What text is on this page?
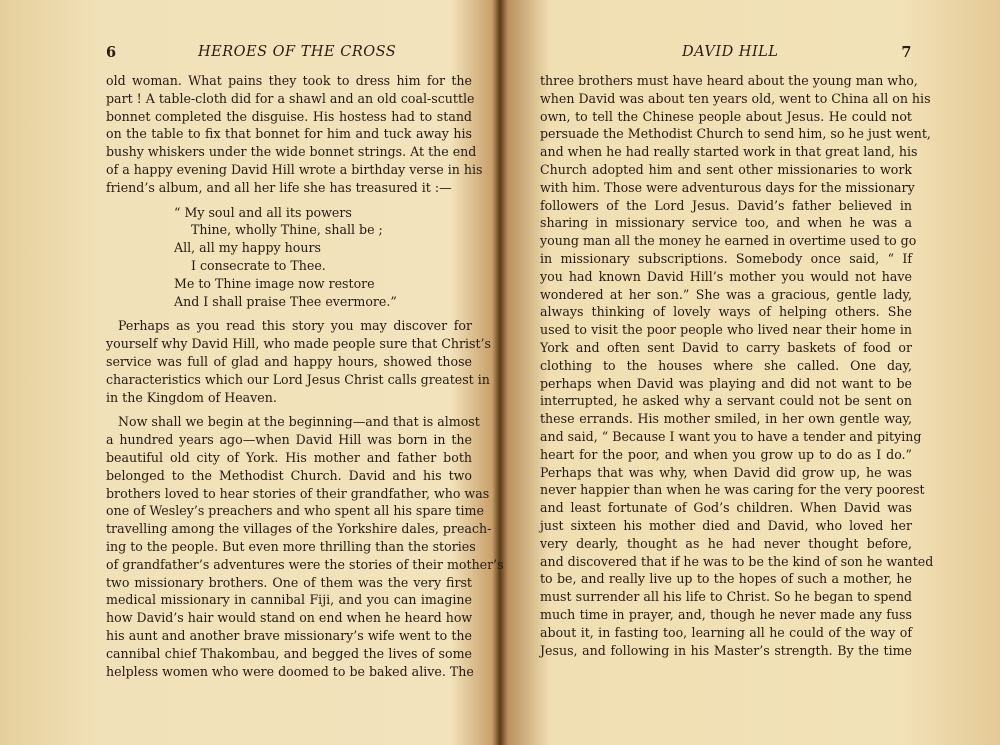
6	HEROES OF THE CROSS
old woman. What pains they took to dress him for the
part ! A table-cloth did for a shawl and an old coal-scuttle
bonnet completed the disguise. His hostess had to stand
on the table to fix that bonnet for him and tuck away his
bushy whiskers under the wide bonnet strings. At the end
of a happy evening David Hill wrote a birthday verse in his
friend’s album, and all her life she has treasured it :—
“ My soul and all its powers
Thine, wholly Thine, shall be ;
All, all my happy hours
I consecrate to Thee.
Me to Thine image now restore
And I shall praise Thee evermore.”
Perhaps as you read this story you may discover for
yourself why David Hill, who made people sure that Christ’s
service was full of glad and happy hours, showed those
characteristics which our Lord Jesus Christ calls greatest in
in the Kingdom of Heaven.
Now shall we begin at the beginning—and that is almost
a hundred years ago—when David Hill was born in the
beautiful old city of York. His mother and father both
belonged to the Methodist Church. David and his two
brothers loved to hear stories of their grandfather, who was
one of Wesley’s preachers and who spent all his spare time
travelling among the villages of the Yorkshire dales, preach-
ing to the people. But even more thrilling than the stories
of grandfather’s adventures were the stories of their mother’s
two missionary brothers. One of them was the very first
medical missionary in cannibal Fiji, and you can imagine
how David’s hair would stand on end when he heard how
his aunt and another brave missionary’s wife went to the
cannibal chief Thakombau, and begged the lives of some
helpless women who were doomed to be baked alive. The
DAVID HILL	7
three brothers must have heard about the young man who,
when David was about ten years old, went to China all on his
own, to tell the Chinese people about Jesus. He could not
persuade the Methodist Church to send him, so he just went,
and when he had really started work in that great land, his
Church adopted him and sent other missionaries to work
with him. Those were adventurous days for the missionary
followers of the Lord Jesus. David’s father believed in
sharing in missionary service too, and when he was a
young man all the money he earned in overtime used to go
in missionary subscriptions. Somebody once said, “ If
you had known David Hill’s mother you would not have
wondered at her son.” She was a gracious, gentle lady,
always thinking of lovely ways of helping others. She
used to visit the poor people who lived near their home in
York and often sent David to carry baskets of food or
clothing to the houses where she called. One day,
perhaps when David was playing and did not want to be
interrupted, he asked why a servant could not be sent on
these errands. His mother smiled, in her own gentle way,
and said, “ Because I want you to have a tender and pitying
heart for the poor, and when you grow up to do as I do.”
Perhaps that was why, when David did grow up, he was
never happier than when he was caring for the very poorest
and least fortunate of God’s children. When David was
just sixteen his mother died and David, who loved her
very dearly, thought as he had never thought before,
and discovered that if he was to be the kind of son he wanted
to be, and really live up to the hopes of such a mother, he
must surrender all his life to Christ. So he began to spend
much time in prayer, and, though he never made any fuss
about it, in fasting too, learning all he could of the way of
Jesus, and following in his Master’s strength. By the time
